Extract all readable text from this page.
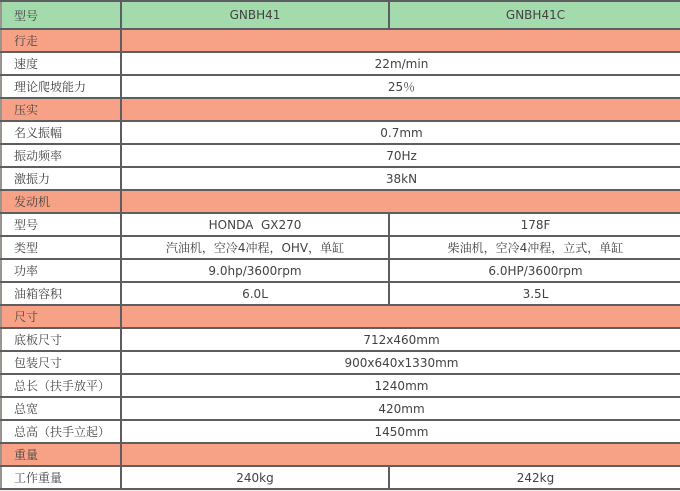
型号	GNBH41	GNBH41C
行走		
速度	22m/min	
理论爬坡能力	25％	
压实		
名义振幅	0.7mm	
振动频率	70Hz	
激振力	38kN	
发动机		
型号	HONDA  GX270	178F
类型	汽油机，空冷4冲程，OHV，单缸	柴油机，空冷4冲程，立式，单缸
功率	9.0hp/3600rpm	6.0HP/3600rpm
油箱容积	6.0L	3.5L
尺寸		
底板尺寸	712x460mm	
包装尺寸	900x640x1330mm	
总长（扶手放平）	1240mm	
总宽	420mm	
总高（扶手立起）	1450mm	
重量		
工作重量	240kg	242kg
